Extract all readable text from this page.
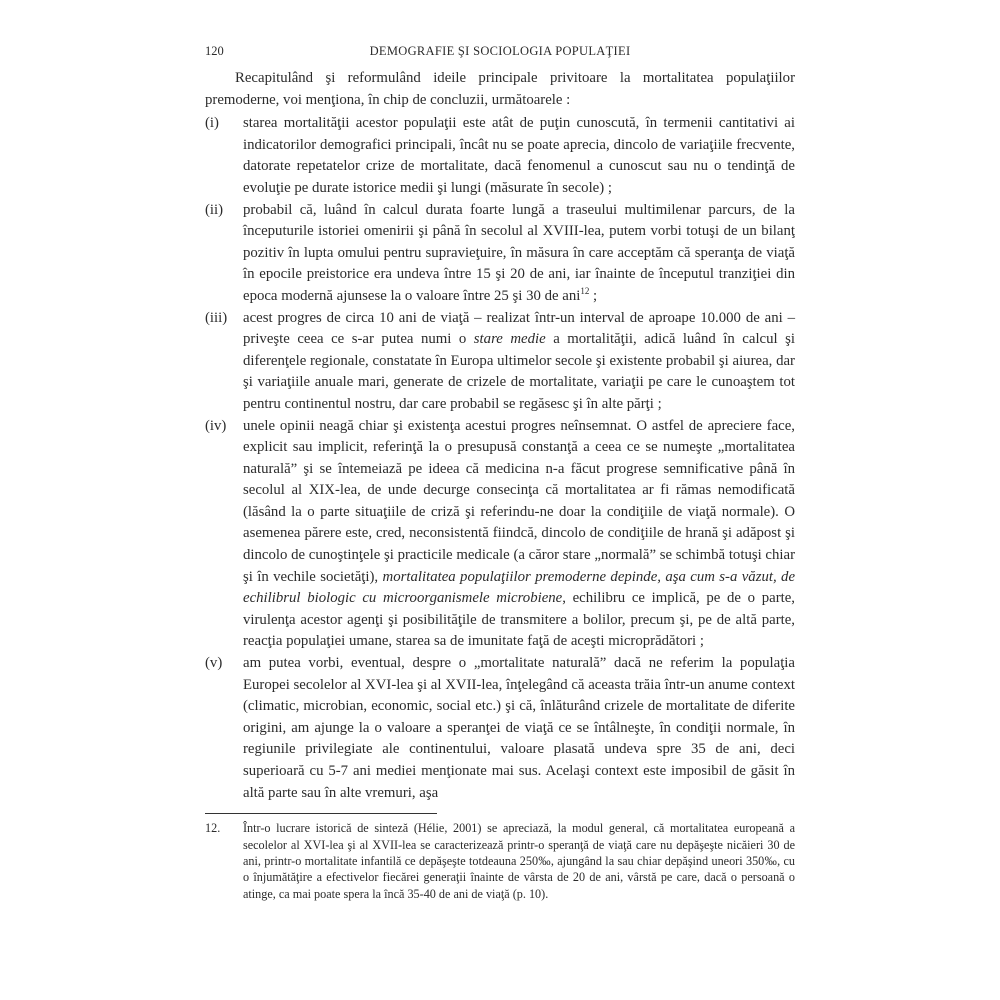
120	DEMOGRAFIE ŞI SOCIOLOGIA POPULAŢIEI

Recapitulând şi reformulând ideile principale privitoare la mortalitatea populaţiilor premoderne, voi menţiona, în chip de concluzii, următoarele :

(i) starea mortalităţii acestor populaţii este atât de puţin cunoscută, în termenii cantitativi ai indicatorilor demografici principali, încât nu se poate aprecia, dincolo de variaţiile frecvente, datorate repetatelor crize de mortalitate, dacă fenomenul a cunoscut sau nu o tendinţă de evoluţie pe durate istorice medii şi lungi (măsurate în secole) ;

(ii) probabil că, luând în calcul durata foarte lungă a traseului multimilenar parcurs, de la începuturile istoriei omenirii şi până în secolul al XVIII-lea, putem vorbi totuşi de un bilanţ pozitiv în lupta omului pentru supravieţuire, în măsura în care acceptăm că speranţa de viaţă în epocile preistorice era undeva între 15 şi 20 de ani, iar înainte de începutul tranziţiei din epoca modernă ajunsese la o valoare între 25 şi 30 de ani$^{12}$ ;

(iii) acest progres de circa 10 ani de viaţă – realizat într-un interval de aproape 10.000 de ani – priveşte ceea ce s-ar putea numi o stare medie a mortalităţii, adică luând în calcul şi diferenţele regionale, constatate în Europa ultimelor secole şi existente probabil şi aiurea, dar şi variaţiile anuale mari, generate de crizele de mortalitate, variaţii pe care le cunoaştem tot pentru continentul nostru, dar care probabil se regăsesc şi în alte părţi ;

(iv) unele opinii neagă chiar şi existenţa acestui progres neînsemnat. O astfel de apreciere face, explicit sau implicit, referinţă la o presupusă constanţă a ceea ce se numeşte „mortalitatea naturală” şi se întemeiază pe ideea că medicina n-a făcut progrese semnificative până în secolul al XIX-lea, de unde decurge consecinţa că mortalitatea ar fi rămas nemodificată (lăsând la o parte situaţiile de criză şi referindu-ne doar la condiţiile de viaţă normale). O asemenea părere este, cred, neconsistentă fiindcă, dincolo de condiţiile de hrană şi adăpost şi dincolo de cunoştinţele şi practicile medicale (a căror stare „normală” se schimbă totuşi chiar şi în vechile societăţi), mortalitatea populaţiilor premoderne depinde, aşa cum s-a văzut, de echilibrul biologic cu microorganismele microbiene, echilibru ce implică, pe de o parte, virulenţa acestor agenţi şi posibilităţile de transmitere a bolilor, precum şi, pe de altă parte, reacţia populaţiei umane, starea sa de imunitate faţă de aceşti microprădători ;

(v) am putea vorbi, eventual, despre o „mortalitate naturală” dacă ne referim la populaţia Europei secolelor al XVI-lea şi al XVII-lea, înţelegând că aceasta trăia într-un anume context (climatic, microbian, economic, social etc.) şi că, înlăturând crizele de mortalitate de diferite origini, am ajunge la o valoare a speranţei de viaţă ce se întâlneşte, în condiţii normale, în regiunile privilegiate ale continentului, valoare plasată undeva spre 35 de ani, deci superioară cu 5-7 ani mediei menţionate mai sus. Acelaşi context este imposibil de găsit în altă parte sau în alte vremuri, aşa

12. Într-o lucrare istorică de sinteză (Hélie, 2001) se apreciază, la modul general, că mortalitatea europeană a secolelor al XVI-lea şi al XVII-lea se caracterizează printr-o speranţă de viaţă care nu depăşeşte nicăieri 30 de ani, printr-o mortalitate infantilă ce depăşeşte totdeauna 250‰, ajungând la sau chiar depăşind uneori 350‰, cu o înjumătăţire a efectivelor fiecărei generaţii înainte de vârsta de 20 de ani, vârstă pe care, dacă o persoană o atinge, ca mai poate spera la încă 35-40 de ani de viaţă (p. 10).
